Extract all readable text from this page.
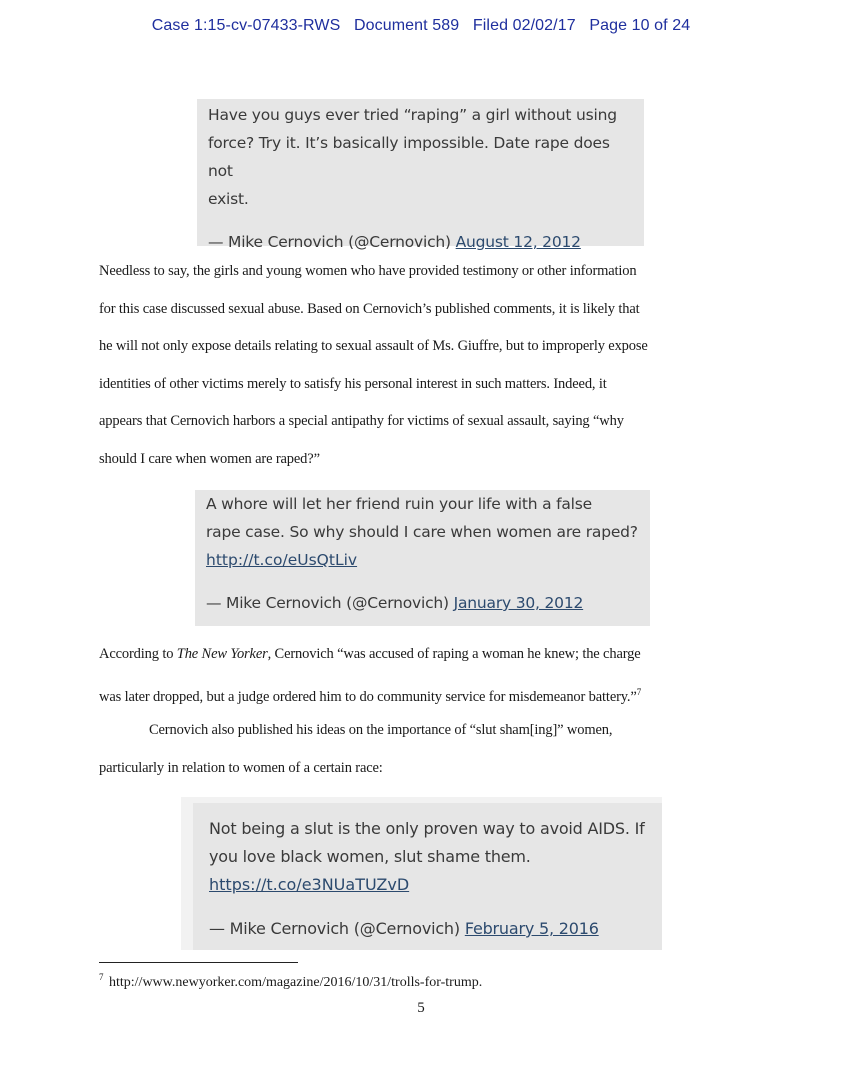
Case 1:15-cv-07433-RWS   Document 589   Filed 02/02/17   Page 10 of 24
Have you guys ever tried “raping” a girl without using
force? Try it. It’s basically impossible. Date rape does not
exist.
— Mike Cernovich (@Cernovich) August 12, 2012
Needless to say, the girls and young women who have provided testimony or other information
for this case discussed sexual abuse. Based on Cernovich’s published comments, it is likely that
he will not only expose details relating to sexual assault of Ms. Giuffre, but to improperly expose
identities of other victims merely to satisfy his personal interest in such matters. Indeed, it
appears that Cernovich harbors a special antipathy for victims of sexual assault, saying “why
should I care when women are raped?”
A whore will let her friend ruin your life with a false
rape case. So why should I care when women are raped?
http://t.co/eUsQtLiv
— Mike Cernovich (@Cernovich) January 30, 2012
According to The New Yorker, Cernovich “was accused of raping a woman he knew; the charge
was later dropped, but a judge ordered him to do community service for misdemeanor battery.”$^7$
Cernovich also published his ideas on the importance of “slut sham[ing]” women,
particularly in relation to women of a certain race:
Not being a slut is the only proven way to avoid AIDS. If
you love black women, slut shame them.
https://t.co/e3NUaTUZvD
— Mike Cernovich (@Cernovich) February 5, 2016
$^7$ http://www.newyorker.com/magazine/2016/10/31/trolls-for-trump.
5
